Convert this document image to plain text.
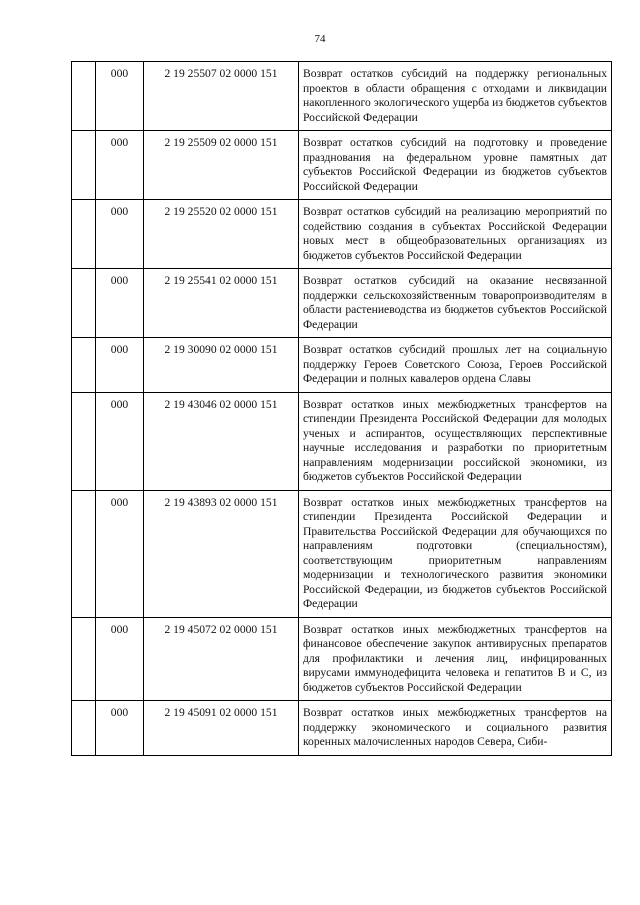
74
	000	2 19 25507 02 0000 151	Возврат остатков субсидий на поддержку региональных проектов в области обращения с отходами и ликвидации накопленного экологического ущерба из бюджетов субъектов Российской Федерации
	000	2 19 25509 02 0000 151	Возврат остатков субсидий на подготовку и проведение празднования на федеральном уровне памятных дат субъектов Российской Федерации из бюджетов субъектов Российской Федерации
	000	2 19 25520 02 0000 151	Возврат остатков субсидий на реализацию мероприятий по содействию создания в субъектах Российской Федерации новых мест в общеобразовательных организациях из бюджетов субъектов Российской Федерации
	000	2 19 25541 02 0000 151	Возврат остатков субсидий на оказание несвязанной поддержки сельскохозяйственным товаропроизводителям в области растениеводства из бюджетов субъектов Российской Федерации
	000	2 19 30090 02 0000 151	Возврат остатков субсидий прошлых лет на социальную поддержку Героев Советского Союза, Героев Российской Федерации и полных кавалеров ордена Славы
	000	2 19 43046 02 0000 151	Возврат остатков иных межбюджетных трансфертов на стипендии Президента Российской Федерации для молодых ученых и аспирантов, осуществляющих перспективные научные исследования и разработки по приоритетным направлениям модернизации российской экономики, из бюджетов субъектов Российской Федерации
	000	2 19 43893 02 0000 151	Возврат остатков иных межбюджетных трансфертов на стипендии Президента Российской Федерации и Правительства Российской Федерации для обучающихся по направлениям подготовки (специальностям), соответствующим приоритетным направлениям модернизации и технологического развития экономики Российской Федерации, из бюджетов субъектов Российской Федерации
	000	2 19 45072 02 0000 151	Возврат остатков иных межбюджетных трансфертов на финансовое обеспечение закупок антивирусных препаратов для профилактики и лечения лиц, инфицированных вирусами иммунодефицита человека и гепатитов B и C, из бюджетов субъектов Российской Федерации
	000	2 19 45091 02 0000 151	Возврат остатков иных межбюджетных трансфертов на поддержку экономического и социального развития коренных малочисленных народов Севера, Сиби-
